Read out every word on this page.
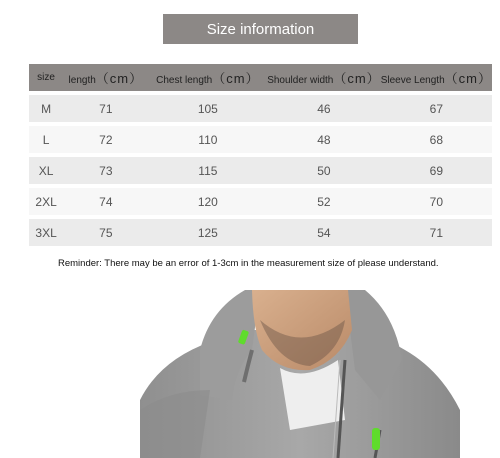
Size information
size	length（cm）	Chest length（cm）	Shoulder width（cm）	Sleeve Length（cm）
M	71	105	46	67
L	72	110	48	68
XL	73	115	50	69
2XL	74	120	52	70
3XL	75	125	54	71
Reminder: There may be an error of 1-3cm in the measurement size of please understand.
